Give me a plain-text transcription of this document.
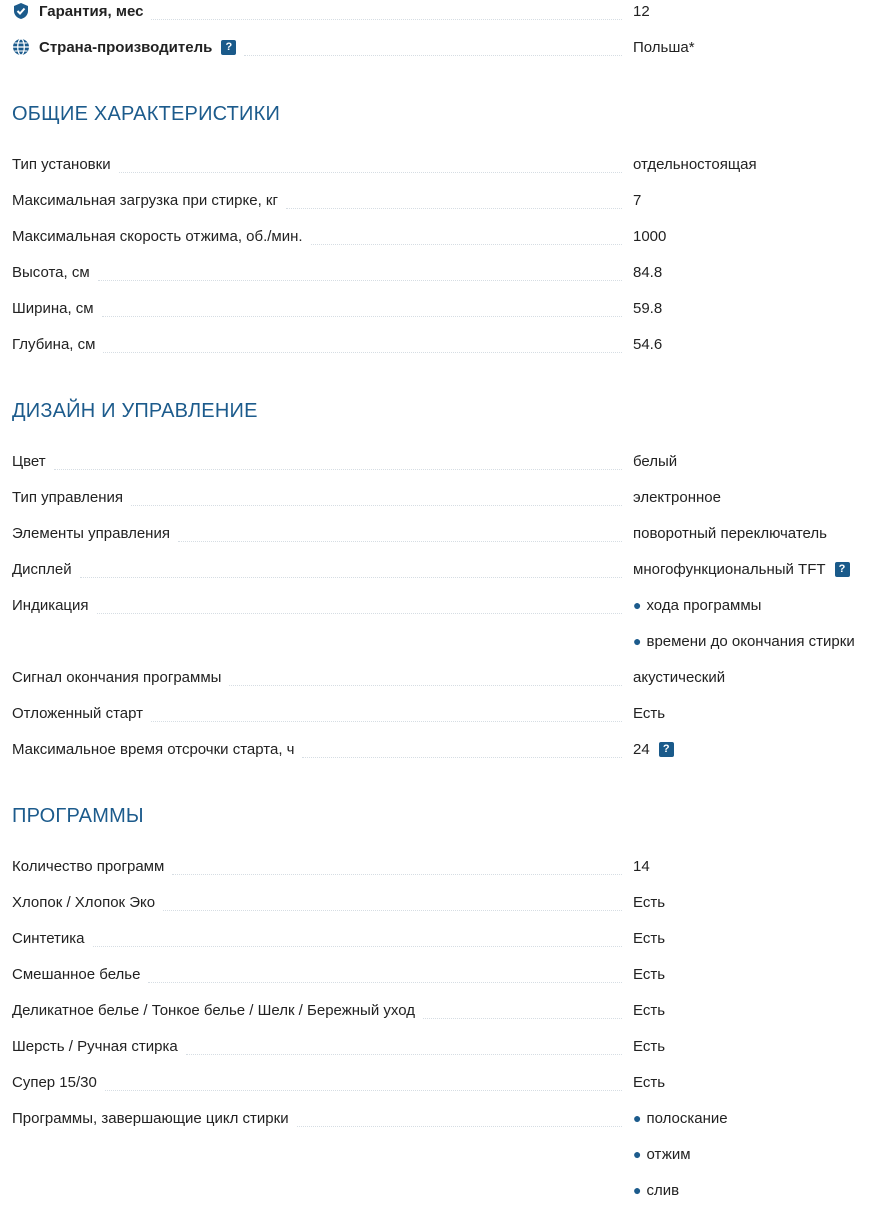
Гарантия, мес	12
Страна-производитель	?	Польша*
ОБЩИЕ ХАРАКТЕРИСТИКИ
Тип установки	отдельностоящая
Максимальная загрузка при стирке, кг	7
Максимальная скорость отжима, об./мин.	1000
Высота, см	84.8
Ширина, см	59.8
Глубина, см	54.6
ДИЗАЙН И УПРАВЛЕНИЕ
Цвет	белый
Тип управления	электронное
Элементы управления	поворотный переключатель
Дисплей	многофункциональный TFT	?
Индикация	● хода программы
● времени до окончания стирки
Сигнал окончания программы	акустический
Отложенный старт	Есть
Максимальное время отсрочки старта, ч	24	?
ПРОГРАММЫ
Количество программ	14
Хлопок / Хлопок Эко	Есть
Синтетика	Есть
Смешанное белье	Есть
Деликатное белье / Тонкое белье / Шелк / Бережный уход	Есть
Шерсть / Ручная стирка	Есть
Супер 15/30	Есть
Программы, завершающие цикл стирки	● полоскание
● отжим
● слив
